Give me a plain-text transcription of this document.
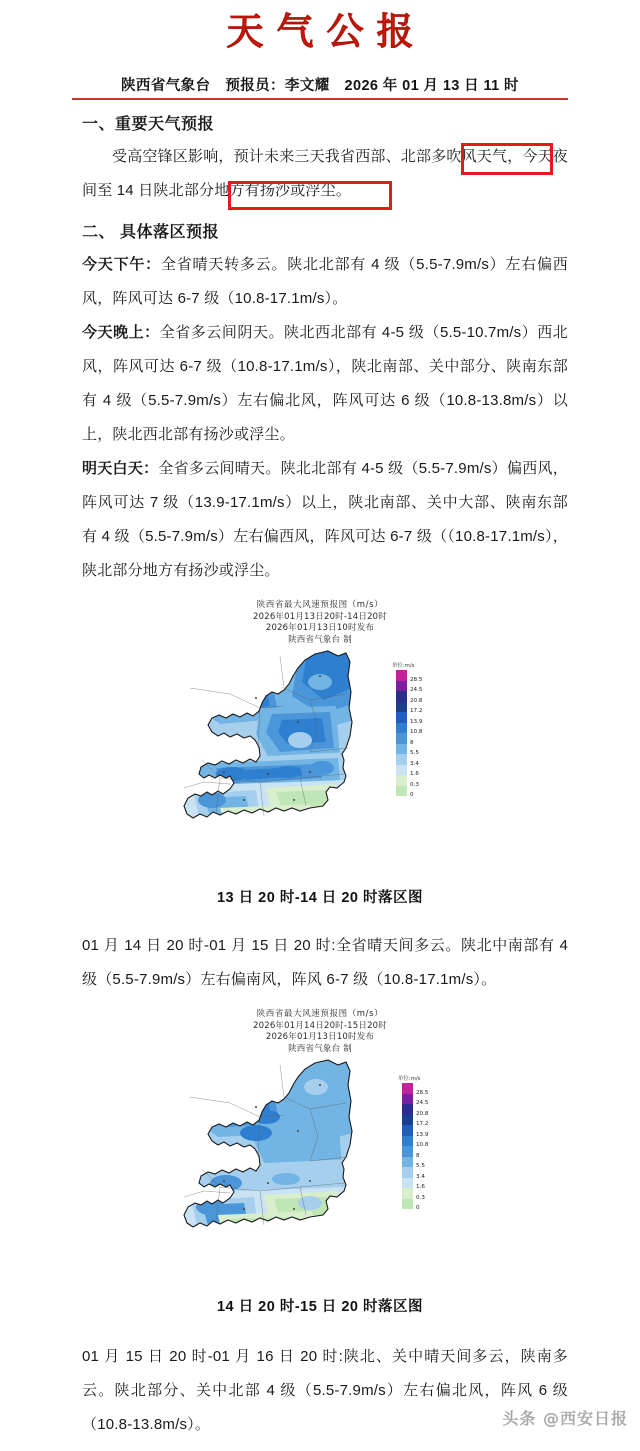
天气公报
陕西省气象台　预报员：李文耀　2026 年 01 月 13 日 11 时
一、重要天气预报
受高空锋区影响，预计未来三天我省西部、北部多吹风天气，今天夜间至 14 日陕北部分地方有扬沙或浮尘。
二、 具体落区预报
今天下午：全省晴天转多云。陕北北部有 4 级（5.5-7.9m/s）左右偏西风，阵风可达 6-7 级（10.8-17.1m/s）。
今天晚上：全省多云间阴天。陕北西北部有 4-5 级（5.5-10.7m/s）西北风，阵风可达 6-7 级（10.8-17.1m/s），陕北南部、关中部分、陕南东部有 4 级（5.5-7.9m/s）左右偏北风，阵风可达 6 级（10.8-13.8m/s）以上，陕北西北部有扬沙或浮尘。
明天白天：全省多云间晴天。陕北北部有 4-5 级（5.5-7.9m/s）偏西风，阵风可达 7 级（13.9-17.1m/s）以上，陕北南部、关中大部、陕南东部有 4 级（5.5-7.9m/s）左右偏西风，阵风可达 6-7 级（（10.8-17.1m/s），陕北部分地方有扬沙或浮尘。
陕西省最大风速预报图（m/s）
2026年01月13日20时-14日20时
2026年01月13日10时发布
陕西省气象台 制
单位:m/s
28.5
24.5
20.8
17.2
13.9
10.8
8
5.5
3.4
1.6
0.3
0
13 日 20 时-14 日 20 时落区图
01 月 14 日 20 时-01 月 15 日 20 时:全省晴天间多云。陕北中南部有 4 级（5.5-7.9m/s）左右偏南风，阵风 6-7 级（10.8-17.1m/s）。
陕西省最大风速预报图（m/s）
2026年01月14日20时-15日20时
2026年01月13日10时发布
陕西省气象台 制
单位:m/s
28.5
24.5
20.8
17.2
13.9
10.8
8
5.5
3.4
1.6
0.3
0
14 日 20 时-15 日 20 时落区图
01 月 15 日 20 时-01 月 16 日 20 时:陕北、关中晴天间多云，陕南多云。陕北部分、关中北部 4 级（5.5-7.9m/s）左右偏北风，阵风 6 级（10.8-13.8m/s）。	头条 @西安日报
